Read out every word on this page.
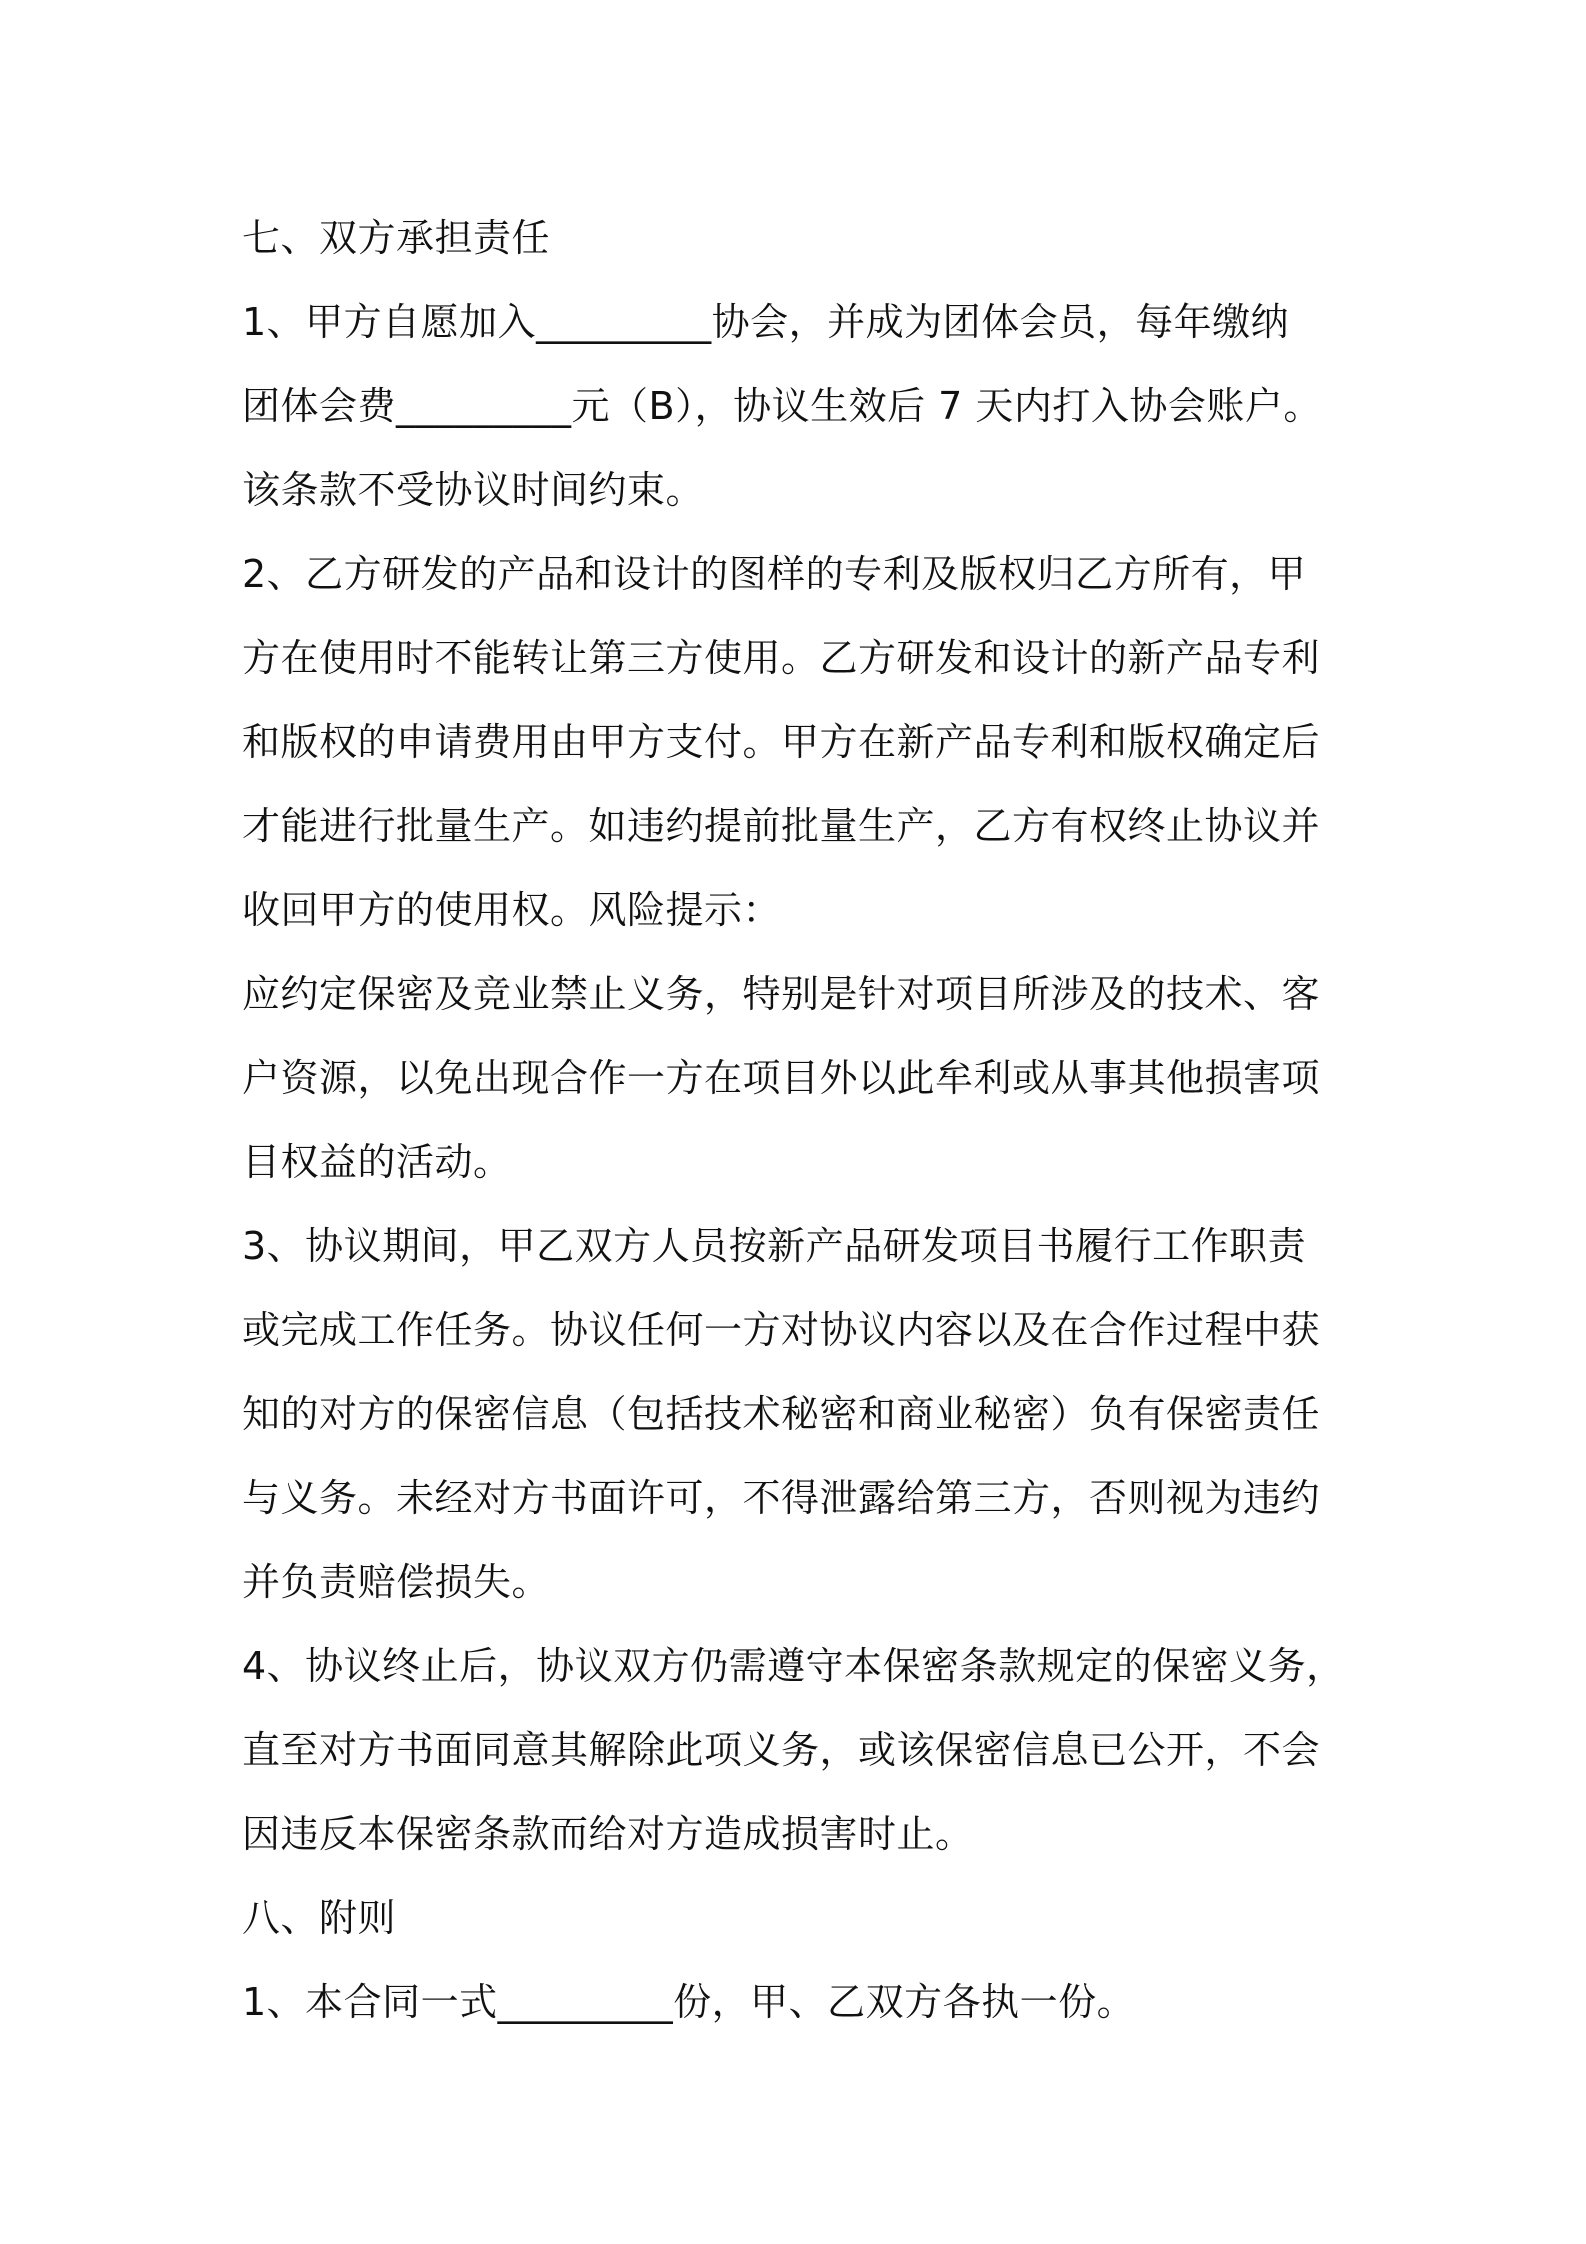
七、双方承担责任
1、甲方自愿加入_________协会，并成为团体会员，每年缴纳
团体会费_________元（B），协议生效后 7 天内打入协会账户。
该条款不受协议时间约束。
2、乙方研发的产品和设计的图样的专利及版权归乙方所有，甲
方在使用时不能转让第三方使用。乙方研发和设计的新产品专利
和版权的申请费用由甲方支付。甲方在新产品专利和版权确定后
才能进行批量生产。如违约提前批量生产，乙方有权终止协议并
收回甲方的使用权。风险提示：
应约定保密及竞业禁止义务，特别是针对项目所涉及的技术、客
户资源，以免出现合作一方在项目外以此牟利或从事其他损害项
目权益的活动。
3、协议期间，甲乙双方人员按新产品研发项目书履行工作职责
或完成工作任务。协议任何一方对协议内容以及在合作过程中获
知的对方的保密信息（包括技术秘密和商业秘密）负有保密责任
与义务。未经对方书面许可，不得泄露给第三方，否则视为违约
并负责赔偿损失。
4、协议终止后，协议双方仍需遵守本保密条款规定的保密义务，
直至对方书面同意其解除此项义务，或该保密信息已公开，不会
因违反本保密条款而给对方造成损害时止。
八、附则
1、本合同一式_________份，甲、乙双方各执一份。
